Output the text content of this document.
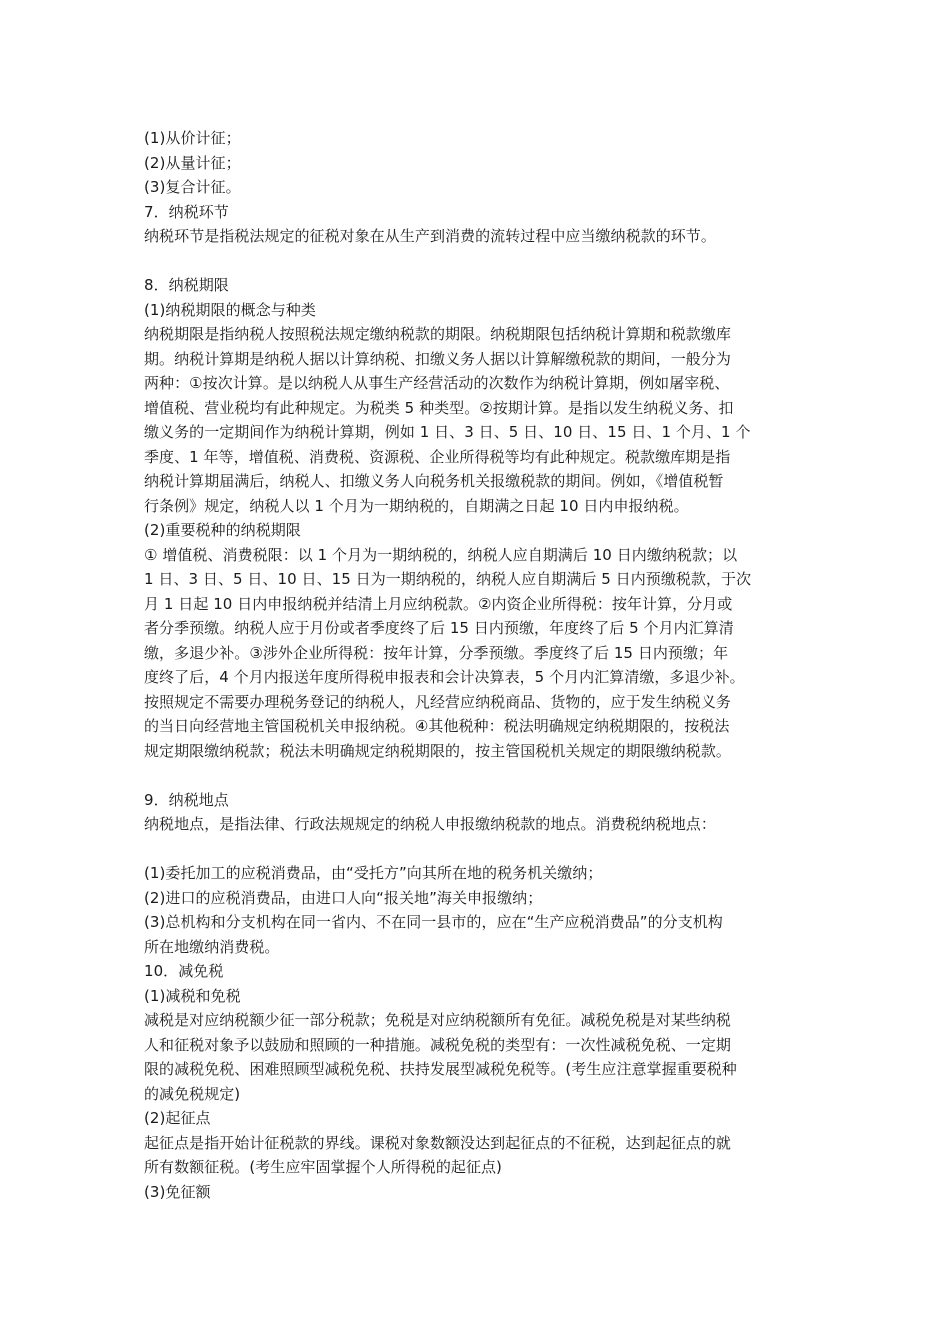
(1)从价计征；
(2)从量计征；
(3)复合计征。
7．纳税环节
纳税环节是指税法规定的征税对象在从生产到消费的流转过程中应当缴纳税款的环节。
8．纳税期限
(1)纳税期限的概念与种类
纳税期限是指纳税人按照税法规定缴纳税款的期限。纳税期限包括纳税计算期和税款缴库
期。纳税计算期是纳税人据以计算纳税、扣缴义务人据以计算解缴税款的期间，一般分为
两种：①按次计算。是以纳税人从事生产经营活动的次数作为纳税计算期，例如屠宰税、
增值税、营业税均有此种规定。为税类 5 种类型。②按期计算。是指以发生纳税义务、扣
缴义务的一定期间作为纳税计算期，例如 1 日、3 日、5 日、10 日、15 日、1 个月、1 个
季度、1 年等，增值税、消费税、资源税、企业所得税等均有此种规定。税款缴库期是指
纳税计算期届满后，纳税人、扣缴义务人向税务机关报缴税款的期间。例如，《增值税暂
行条例》规定，纳税人以 1 个月为一期纳税的，自期满之日起 10 日内申报纳税。
(2)重要税种的纳税期限
① 增值税、消费税限：以 1 个月为一期纳税的，纳税人应自期满后 10 日内缴纳税款；以
1 日、3 日、5 日、10 日、15 日为一期纳税的，纳税人应自期满后 5 日内预缴税款，于次
月 1 日起 10 日内申报纳税并结清上月应纳税款。②内资企业所得税：按年计算，分月或
者分季预缴。纳税人应于月份或者季度终了后 15 日内预缴，年度终了后 5 个月内汇算清
缴，多退少补。③涉外企业所得税：按年计算，分季预缴。季度终了后 15 日内预缴；年
度终了后，4 个月内报送年度所得税申报表和会计决算表，5 个月内汇算清缴，多退少补。
按照规定不需要办理税务登记的纳税人，凡经营应纳税商品、货物的，应于发生纳税义务
的当日向经营地主管国税机关申报纳税。④其他税种：税法明确规定纳税期限的，按税法
规定期限缴纳税款；税法未明确规定纳税期限的，按主管国税机关规定的期限缴纳税款。
9．纳税地点
纳税地点，是指法律、行政法规规定的纳税人申报缴纳税款的地点。消费税纳税地点：
(1)委托加工的应税消费品，由“受托方”向其所在地的税务机关缴纳；
(2)进口的应税消费品，由进口人向“报关地”海关申报缴纳；
(3)总机构和分支机构在同一省内、不在同一县市的，应在“生产应税消费品”的分支机构
所在地缴纳消费税。
10．减免税
(1)减税和免税
减税是对应纳税额少征一部分税款；免税是对应纳税额所有免征。减税免税是对某些纳税
人和征税对象予以鼓励和照顾的一种措施。减税免税的类型有：一次性减税免税、一定期
限的减税免税、困难照顾型减税免税、扶持发展型减税免税等。(考生应注意掌握重要税种
的减免税规定)
(2)起征点
起征点是指开始计征税款的界线。课税对象数额没达到起征点的不征税，达到起征点的就
所有数额征税。(考生应牢固掌握个人所得税的起征点)
(3)免征额
